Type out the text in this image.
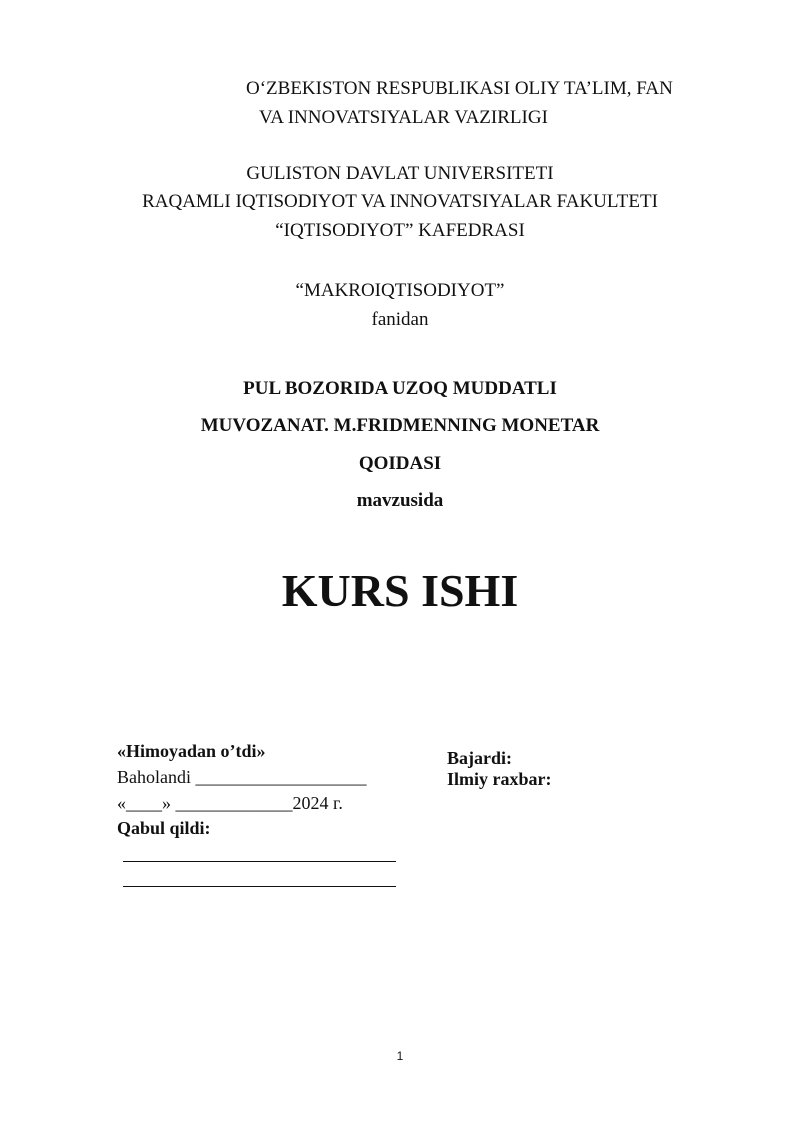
O‘ZBEKISTON RESPUBLIKASI OLIY TA’LIM, FAN
VA INNOVATSIYALAR VAZIRLIGI
GULISTON DAVLAT UNIVERSITETI
RAQAMLI IQTISODIYOT VA INNOVATSIYALAR FAKULTETI
“IQTISODIYOT” KAFEDRASI
“MAKROIQTISODIYOT”
fanidan
PUL BOZORIDA UZOQ MUDDATLI
MUVOZANAT. M.FRIDMENNING MONETAR
QOIDASI
mavzusida
KURS ISHI
«Himoyadan o’tdi»
Baholandi ___________________
«____» _____________2024 г.
Qabul qildi:
Bajardi:
Ilmiy raxbar:
1
